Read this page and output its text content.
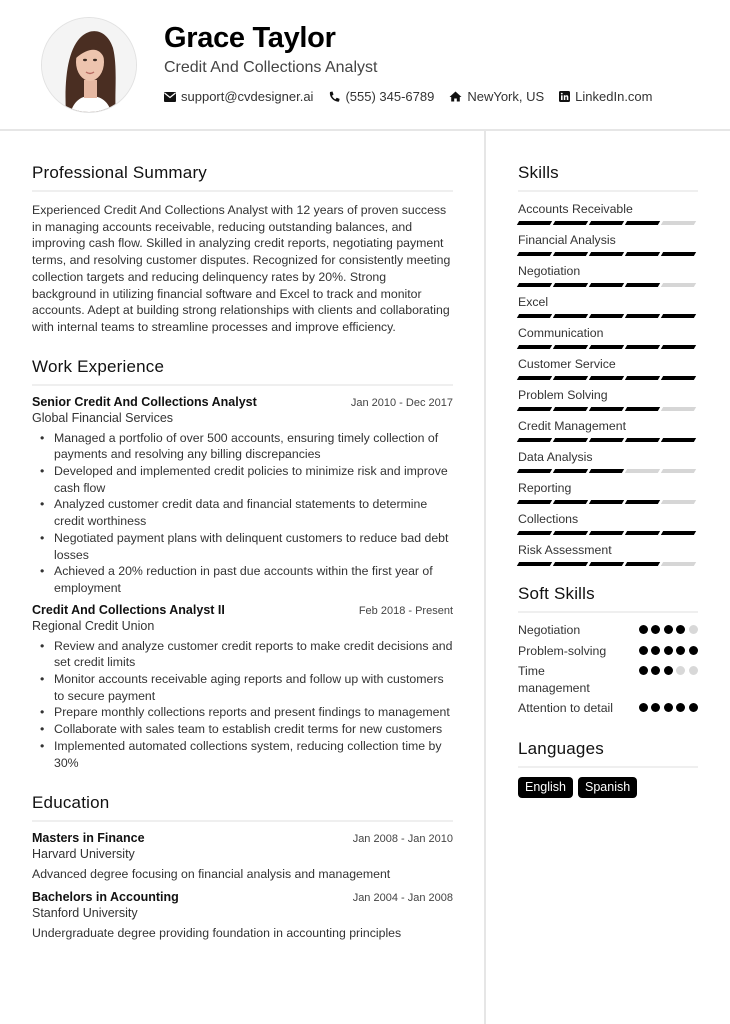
Grace Taylor
Credit And Collections Analyst
support@cvdesigner.ai (555) 345-6789	NewYork, US LinkedIn.com
Professional Summary

Experienced Credit And Collections Analyst with 12 years of proven success in managing accounts receivable, reducing outstanding balances, and improving cash flow. Skilled in analyzing credit reports, negotiating payment terms, and resolving customer disputes. Recognized for consistently meeting collection targets and reducing delinquency rates by 20%. Strong background in utilizing financial software and Excel to track and monitor accounts. Adept at building strong relationships with clients and collaborating with internal teams to streamline processes and improve efficiency.

Work Experience
Senior Credit And Collections Analyst	Jan 2010 - Dec 2017
Global Financial Services
• Managed a portfolio of over 500 accounts, ensuring timely collection of payments and resolving any billing discrepancies
• Developed and implemented credit policies to minimize risk and improve cash flow
• Analyzed customer credit data and financial statements to determine credit worthiness
• Negotiated payment plans with delinquent customers to reduce bad debt losses
• Achieved a 20% reduction in past due accounts within the first year of employment
Credit And Collections Analyst II	Feb 2018 - Present
Regional Credit Union
• Review and analyze customer credit reports to make credit decisions and set credit limits
• Monitor accounts receivable aging reports and follow up with customers to secure payment
• Prepare monthly collections reports and present findings to management
• Collaborate with sales team to establish credit terms for new customers
• Implemented automated collections system, reducing collection time by 30%
Education
Masters in Finance	Jan 2008 - Jan 2010
Harvard University
Advanced degree focusing on financial analysis and management
Bachelors in Accounting	Jan 2004 - Jan 2008
Stanford University
Undergraduate degree providing foundation in accounting principles
Skills
Accounts Receivable
Financial Analysis
Negotiation
Excel
Communication
Customer Service
Problem Solving
Credit Management
Data Analysis
Reporting
Collections
Risk Assessment
Soft Skills
Negotiation
Problem-solving
Time management
Attention to detail
Languages
English	Spanish
